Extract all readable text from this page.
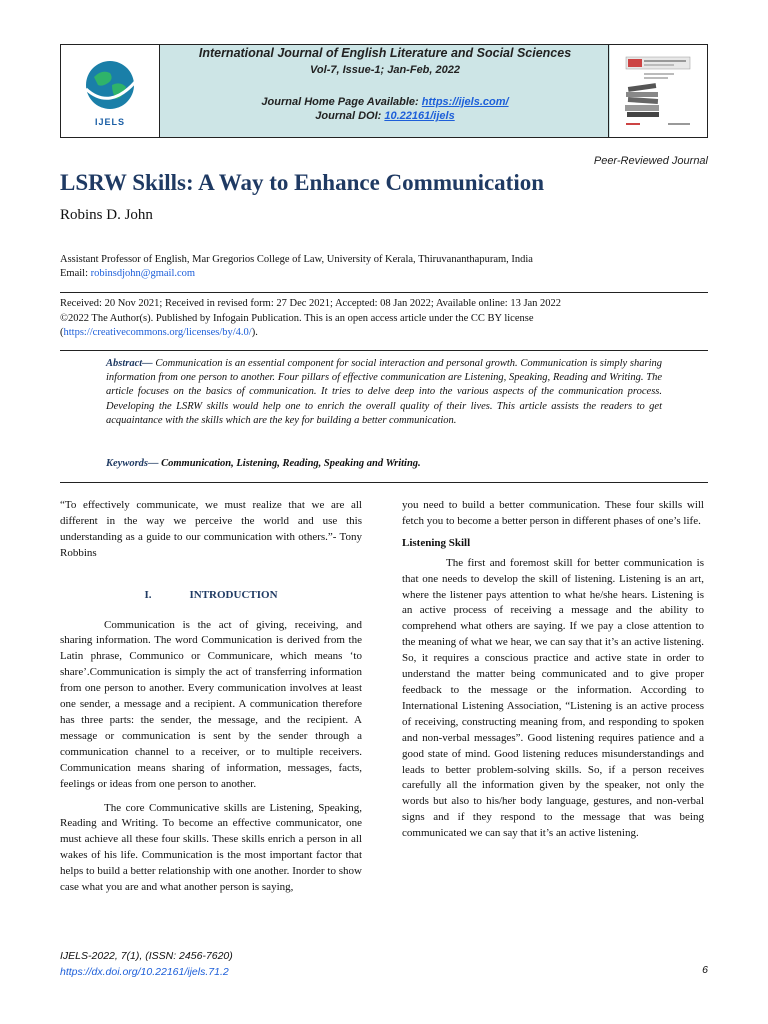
IJELS
International Journal of English Literature and Social Sciences
Vol-7, Issue-1; Jan-Feb, 2022
Journal Home Page Available: https://ijels.com/
Journal DOI: 10.22161/ijels
Peer-Reviewed Journal
LSRW Skills: A Way to Enhance Communication
Robins D. John
Assistant Professor of English, Mar Gregorios College of Law, University of Kerala, Thiruvananthapuram, India
Email: robinsdjohn@gmail.com
Received: 20 Nov 2021; Received in revised form: 27 Dec 2021; Accepted: 08 Jan 2022; Available online: 13 Jan 2022
©2022 The Author(s). Published by Infogain Publication. This is an open access article under the CC BY license
(https://creativecommons.org/licenses/by/4.0/).
Abstract— Communication is an essential component for social interaction and personal growth. Communication is simply sharing information from one person to another. Four pillars of effective communication are Listening, Speaking, Reading and Writing. The article focuses on the basics of communication. It tries to delve deep into the various aspects of the communication process. Developing the LSRW skills would help one to enrich the overall quality of their lives. This article assists the readers to get acquaintance with the skills which are the key for building a better communication.
Keywords— Communication, Listening, Reading, Speaking and Writing.

“To effectively communicate, we must realize that we are all different in the way we perceive the world and use this understanding as a guide to our communication with others.”- Tony Robbins

I.	INTRODUCTION

Communication is the act of giving, receiving, and sharing information. The word Communication is derived from the Latin phrase, Communico or Communicare, which means ‘to share’.Communication is simply the act of transferring information from one person to another. Every communication involves at least one sender, a message and a recipient. A communication therefore has three parts: the sender, the message, and the recipient. A message or communication is sent by the sender through a communication channel to a receiver, or to multiple receivers. Communication means sharing of information, messages, facts, feelings or ideas from one person to another.

The core Communicative skills are Listening, Speaking, Reading and Writing. To become an effective communicator, one must achieve all these four skills. These skills enrich a person in all wakes of his life. Communication is the most important factor that helps to build a better relationship with one another. Inorder to show case what you are and what another person is saying,

you need to build a better communication. These four skills will fetch you to become a better person in different phases of one’s life.

Listening Skill

The first and foremost skill for better communication is that one needs to develop the skill of listening. Listening is an art, where the listener pays attention to what he/she hears. Listening is an active process of receiving a message and the ability to comprehend what others are saying. If we pay a close attention to the meaning of what we hear, we can say that it’s an active listening. So, it requires a conscious practice and active state in order to understand the matter being communicated and to give proper feedback to the message or the information. According to International Listening Association, “Listening is an active process of receiving, constructing meaning from, and responding to spoken and non-verbal messages”. Good listening requires patience and a good state of mind. Good listening reduces misunderstandings and leads to better problem-solving skills. So, if a person receives carefully all the information given by the speaker, not only the words but also to his/her body language, gestures, and non-verbal signs and if they respond to the message that was being communicated we can say that it’s an active listening.

IJELS-2022, 7(1), (ISSN: 2456-7620)
https://dx.doi.org/10.22161/ijels.71.2	6
